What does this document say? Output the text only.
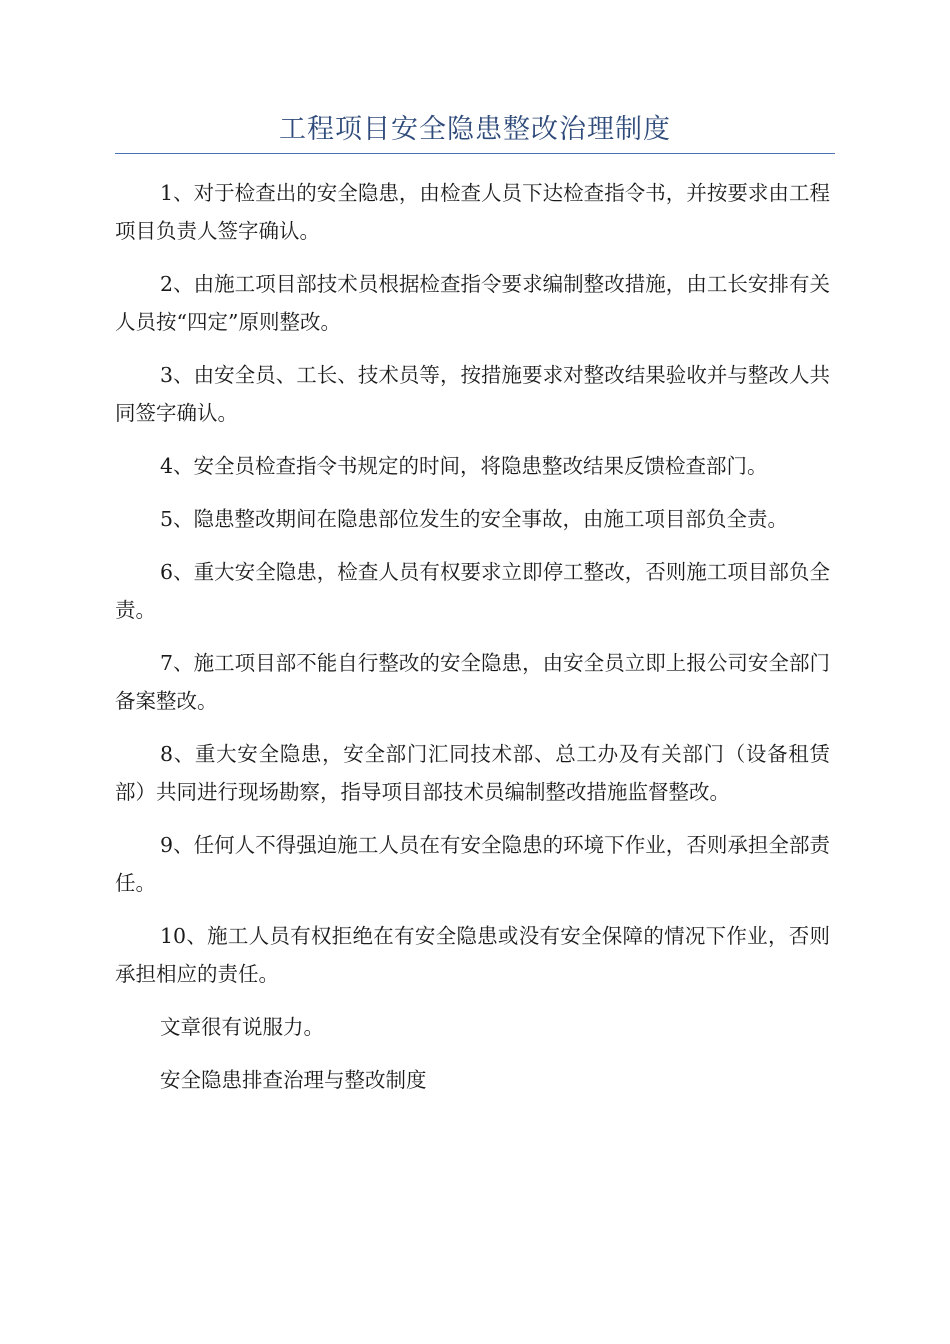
工程项目安全隐患整改治理制度

1、对于检查出的安全隐患，由检查人员下达检查指令书，并按要求由工程项目负责人签字确认。

2、由施工项目部技术员根据检查指令要求编制整改措施，由工长安排有关人员按“四定”原则整改。

3、由安全员、工长、技术员等，按措施要求对整改结果验收并与整改人共同签字确认。

4、安全员检查指令书规定的时间，将隐患整改结果反馈检查部门。

5、隐患整改期间在隐患部位发生的安全事故，由施工项目部负全责。

6、重大安全隐患，检查人员有权要求立即停工整改，否则施工项目部负全责。

7、施工项目部不能自行整改的安全隐患，由安全员立即上报公司安全部门备案整改。

8、重大安全隐患，安全部门汇同技术部、总工办及有关部门（设备租赁部）共同进行现场勘察，指导项目部技术员编制整改措施监督整改。

9、任何人不得强迫施工人员在有安全隐患的环境下作业，否则承担全部责任。

10、施工人员有权拒绝在有安全隐患或没有安全保障的情况下作业，否则承担相应的责任。

文章很有说服力。

安全隐患排查治理与整改制度
